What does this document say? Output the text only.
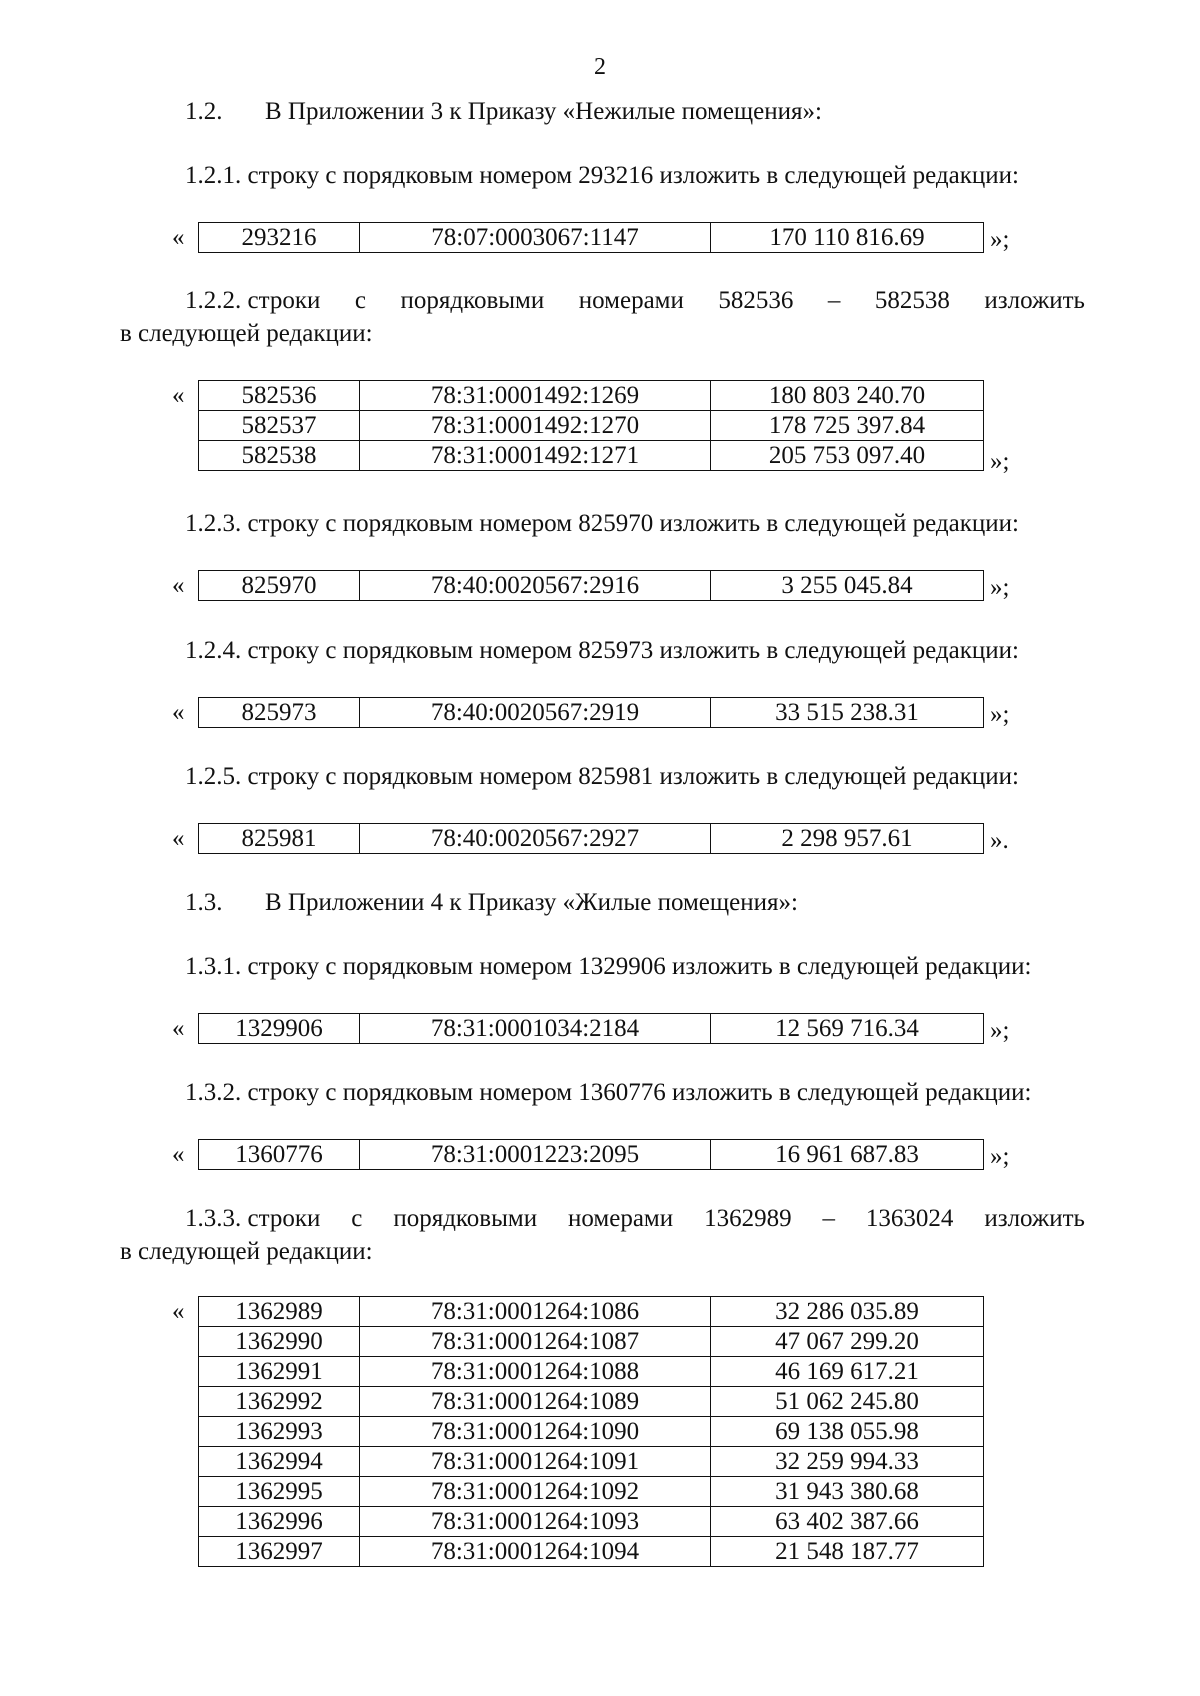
2
1.2. В Приложении 3 к Приказу «Нежилые помещения»:
1.2.1. строку с порядковым номером 293216 изложить в следующей редакции:
« 293216	78:07:0003067:1147	170 110 816.69	»;
1.2.2. строки с порядковыми номерами 582536 – 582538 изложить
в следующей редакции:
« 582536	78:31:0001492:1269	180 803 240.70
582537	78:31:0001492:1270	178 725 397.84
582538	78:31:0001492:1271	205 753 097.40	»;
1.2.3. строку с порядковым номером 825970 изложить в следующей редакции:
« 825970	78:40:0020567:2916	3 255 045.84	»;
1.2.4. строку с порядковым номером 825973 изложить в следующей редакции:
« 825973	78:40:0020567:2919	33 515 238.31	»;
1.2.5. строку с порядковым номером 825981 изложить в следующей редакции:
« 825981	78:40:0020567:2927	2 298 957.61	».
1.3. В Приложении 4 к Приказу «Жилые помещения»:
1.3.1. строку с порядковым номером 1329906 изложить в следующей редакции:
« 1329906	78:31:0001034:2184	12 569 716.34	»;
1.3.2. строку с порядковым номером 1360776 изложить в следующей редакции:
« 1360776	78:31:0001223:2095	16 961 687.83	»;
1.3.3. строки с порядковыми номерами 1362989 – 1363024 изложить
в следующей редакции:
« 1362989	78:31:0001264:1086	32 286 035.89
1362990	78:31:0001264:1087	47 067 299.20
1362991	78:31:0001264:1088	46 169 617.21
1362992	78:31:0001264:1089	51 062 245.80
1362993	78:31:0001264:1090	69 138 055.98
1362994	78:31:0001264:1091	32 259 994.33
1362995	78:31:0001264:1092	31 943 380.68
1362996	78:31:0001264:1093	63 402 387.66
1362997	78:31:0001264:1094	21 548 187.77
